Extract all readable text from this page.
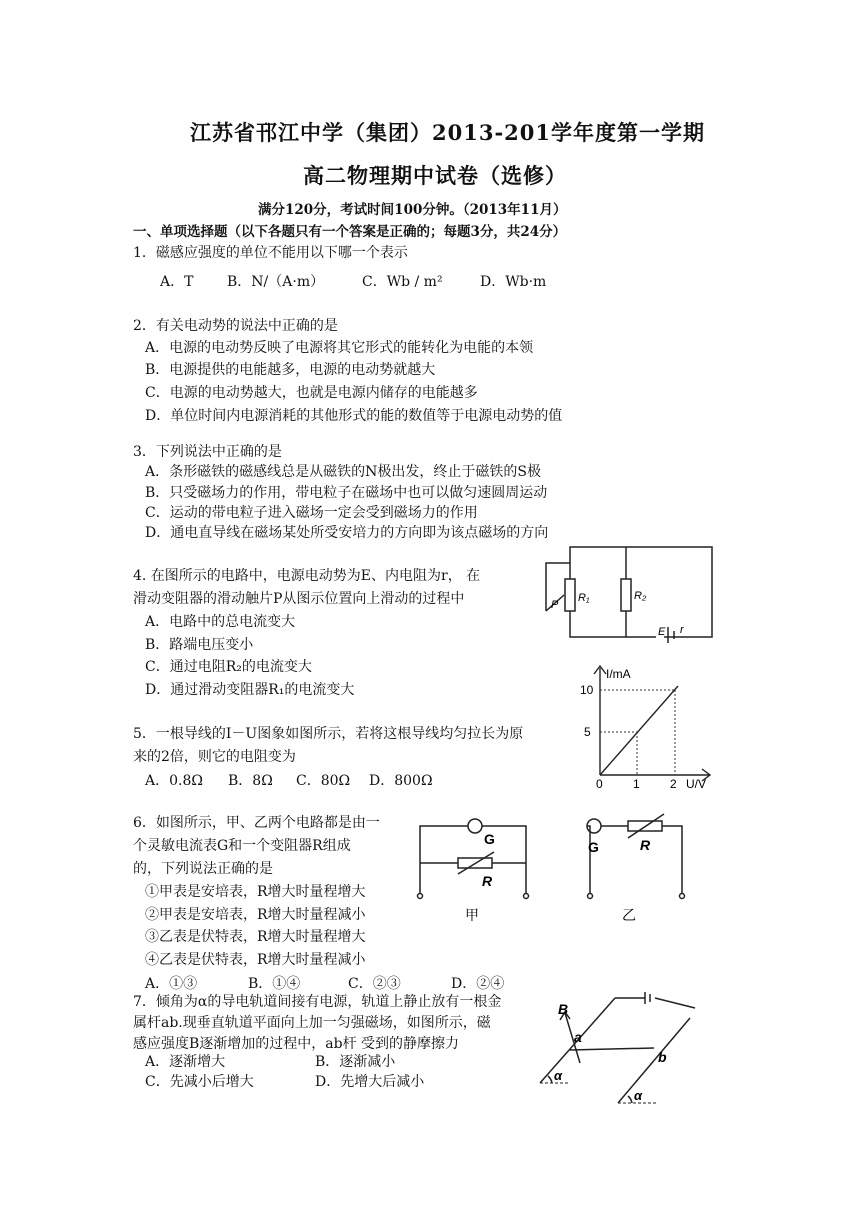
江苏省邗江中学（集团）2013-201学年度第一学期
高二物理期中试卷（选修）
满分120分，考试时间100分钟。（2013年11月）
一、单项选择题（以下各题只有一个答案是正确的；每题3分，共24分）
1．磁感应强度的单位不能用以下哪一个表示
A．T B．N/（A·m）	C．Wb / m²	D．Wb·m
2．有关电动势的说法中正确的是
A．电源的电动势反映了电源将其它形式的能转化为电能的本领
B．电源提供的电能越多，电源的电动势就越大
C．电源的电动势越大，也就是电源内储存的电能越多
D．单位时间内电源消耗的其他形式的能的数值等于电源电动势的值
3．下列说法中正确的是
A．条形磁铁的磁感线总是从磁铁的N极出发，终止于磁铁的S极
B．只受磁场力的作用，带电粒子在磁场中也可以做匀速圆周运动
C．运动的带电粒子进入磁场一定会受到磁场力的作用
D．通电直导线在磁场某处所受安培力的方向即为该点磁场的方向
4. 在图所示的电路中，电源电动势为E、内电阻为r， 在
滑动变阻器的滑动触片P从图示位置向上滑动的过程中
A．电路中的总电流变大
B．路端电压变小
C．通过电阻R₂的电流变大
D．通过滑动变阻器R₁的电流变大
P
R₁	R₂
E r
5．一根导线的I－U图象如图所示，若将这根导线均匀拉长为原
来的2倍，则它的电阻变为
A．0.8Ω B．8Ω C．80Ω D．800Ω
I/mA
10
5
0	1	2 U/V
6．如图所示，甲、乙两个电路都是由一
个灵敏电流表G和一个变阻器R组成
的，下列说法正确的是
①甲表是安培表，R增大时量程增大
②甲表是安培表，R增大时量程减小
③乙表是伏特表，R增大时量程增大
④乙表是伏特表，R增大时量程减小
A．①③	B．①④	C．②③	D．②④
G
R
甲
G	R
乙
7．倾角为α的导电轨道间接有电源，轨道上静止放有一根金
属杆ab.现垂直轨道平面向上加一匀强磁场，如图所示，磁
感应强度B逐渐增加的过程中，ab杆 受到的静摩擦力
A．逐渐增大	B．逐渐减小
C．先减小后增大	D．先增大后减小
B
a
b
α
α
